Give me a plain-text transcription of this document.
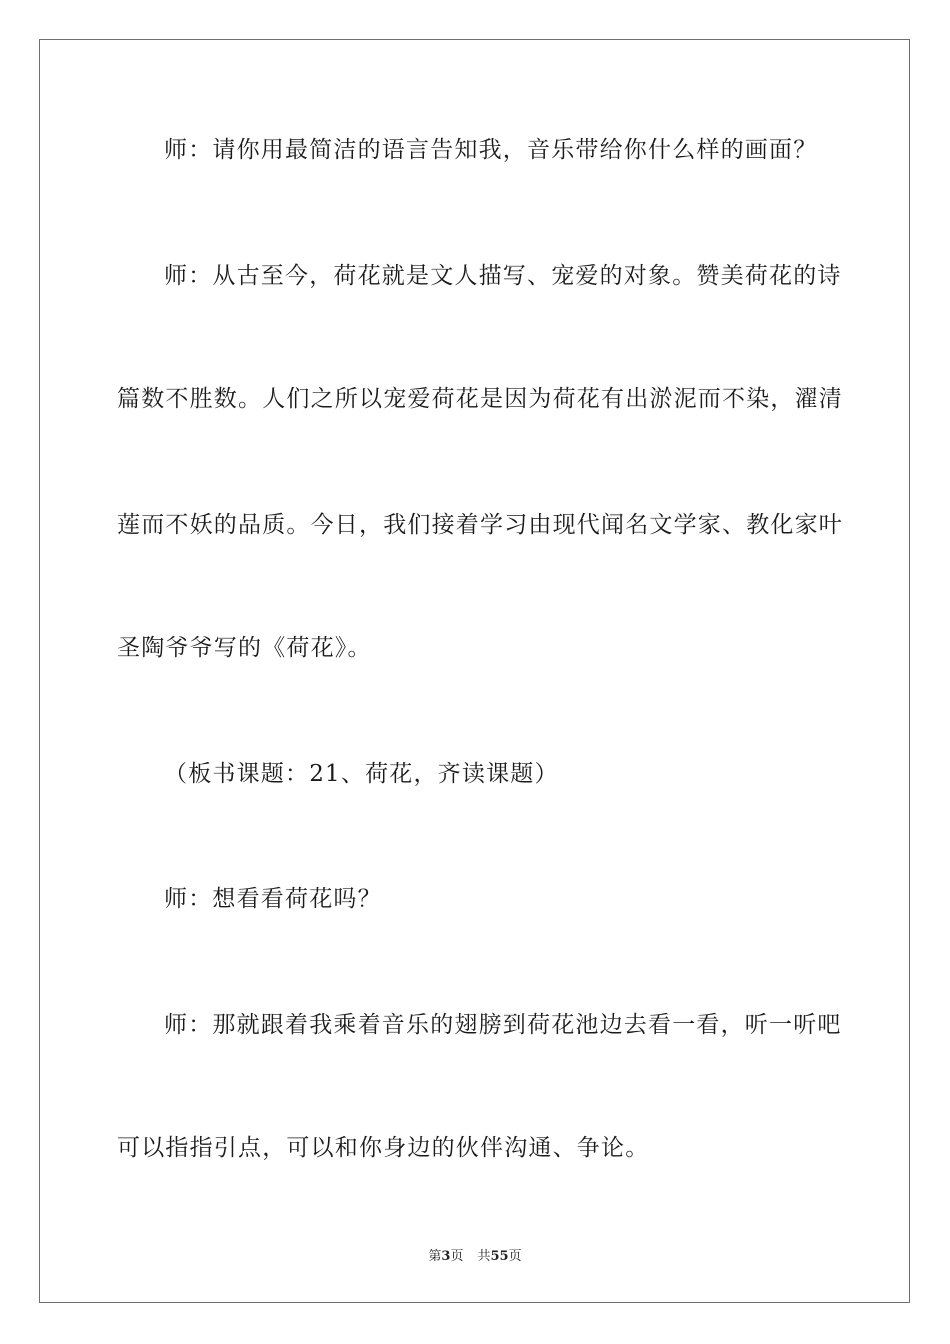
师：请你用最简洁的语言告知我，音乐带给你什么样的画面？

师：从古至今，荷花就是文人描写、宠爱的对象。赞美荷花的诗

篇数不胜数。人们之所以宠爱荷花是因为荷花有出淤泥而不染，濯清

莲而不妖的品质。今日，我们接着学习由现代闻名文学家、教化家叶

圣陶爷爷写的《荷花》。

（板书课题：21、荷花，齐读课题）

师：想看看荷花吗？

师：那就跟着我乘着音乐的翅膀到荷花池边去看一看，听一听吧

可以指指引点，可以和你身边的伙伴沟通、争论。

第3页 共55页
